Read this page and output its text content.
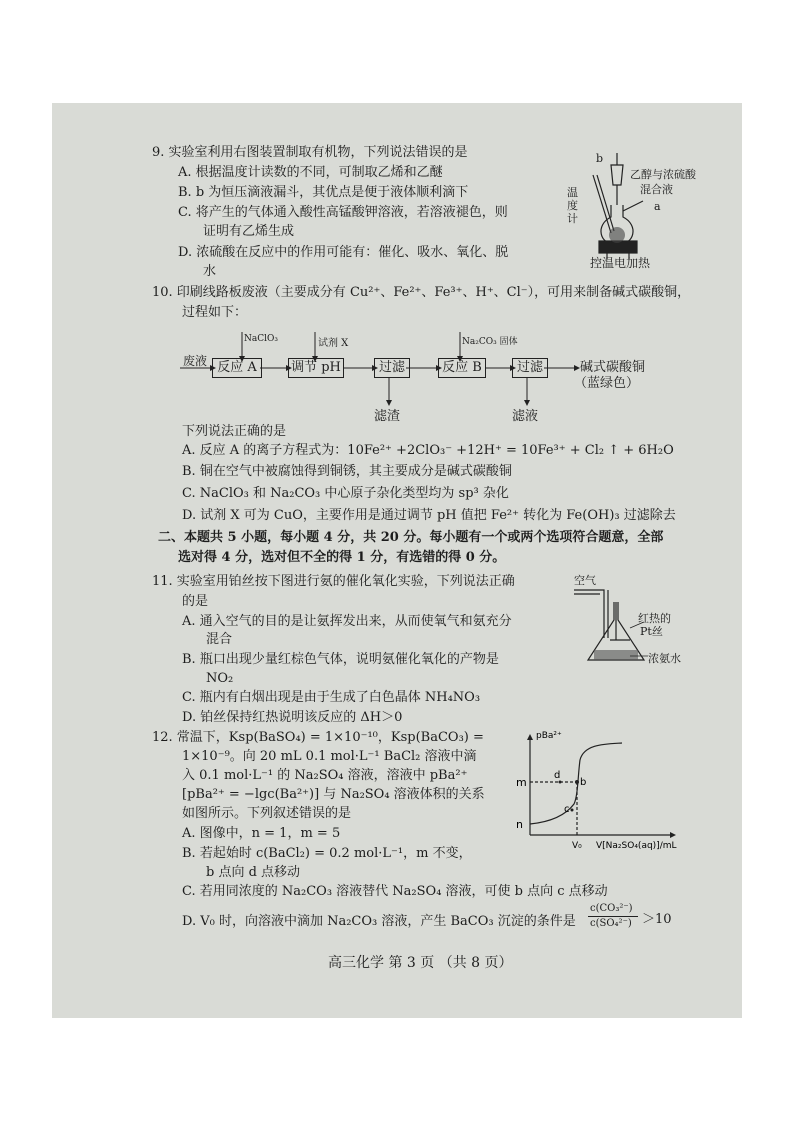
9. 实验室利用右图装置制取有机物，下列说法错误的是
A. 根据温度计读数的不同，可制取乙烯和乙醚
B. b 为恒压滴液漏斗，其优点是便于液体顺利滴下
C. 将产生的气体通入酸性高锰酸钾溶液，若溶液褪色，则
证明有乙烯生成
D. 浓硫酸在反应中的作用可能有：催化、吸水、氧化、脱
水
b
a
乙醇与浓硫酸
混合液
温
度
计
控温电加热
10. 印刷线路板废液（主要成分有 Cu²⁺、Fe²⁺、Fe³⁺、H⁺、Cl⁻），可用来制备碱式碳酸铜，
过程如下：
废液 反应 A	调节 pH	过滤	反应 B	过滤	碱式碳酸铜
（蓝绿色）
NaClO₃	试剂 X	Na₂CO₃ 固体
滤渣	滤液
下列说法正确的是
A. 反应 A 的离子方程式为：10Fe²⁺ +2ClO₃⁻ +12H⁺ = 10Fe³⁺ + Cl₂ ↑ + 6H₂O
B. 铜在空气中被腐蚀得到铜锈，其主要成分是碱式碳酸铜
C. NaClO₃ 和 Na₂CO₃ 中心原子杂化类型均为 sp³ 杂化
D. 试剂 X 可为 CuO，主要作用是通过调节 pH 值把 Fe²⁺ 转化为 Fe(OH)₃ 过滤除去
二、本题共 5 小题，每小题 4 分，共 20 分。每小题有一个或两个选项符合题意，全部
选对得 4 分，选对但不全的得 1 分，有选错的得 0 分。
11. 实验室用铂丝按下图进行氨的催化氧化实验，下列说法正确
的是
A. 通入空气的目的是让氨挥发出来，从而使氧气和氨充分
混合
B. 瓶口出现少量红棕色气体，说明氨催化氧化的产物是
NO₂
C. 瓶内有白烟出现是由于生成了白色晶体 NH₄NO₃
D. 铂丝保持红热说明该反应的 ΔH＞0
空气
红热的
Pt丝
浓氨水
12. 常温下，Ksp(BaSO₄) = 1×10⁻¹⁰，Ksp(BaCO₃) =
1×10⁻⁹。向 20 mL 0.1 mol·L⁻¹ BaCl₂ 溶液中滴
入 0.1 mol·L⁻¹ 的 Na₂SO₄ 溶液，溶液中 pBa²⁺
[pBa²⁺ = −lgc(Ba²⁺)] 与 Na₂SO₄ 溶液体积的关系
如图所示。下列叙述错误的是
A. 图像中，n = 1，m = 5
B. 若起始时 c(BaCl₂) = 0.2 mol·L⁻¹，m 不变，
b 点向 d 点移动
C. 若用同浓度的 Na₂CO₃ 溶液替代 Na₂SO₄ 溶液，可使 b 点向 c 点移动
D. V₀ 时，向溶液中滴加 Na₂CO₃ 溶液，产生 BaCO₃ 沉淀的条件是
c(CO₃²⁻)
c(SO₄²⁻) ＞10
pBa²⁺
m
n
d
b
c
V₀ V[Na₂SO₄(aq)]/mL
高三化学 第 3 页 （共 8 页）
